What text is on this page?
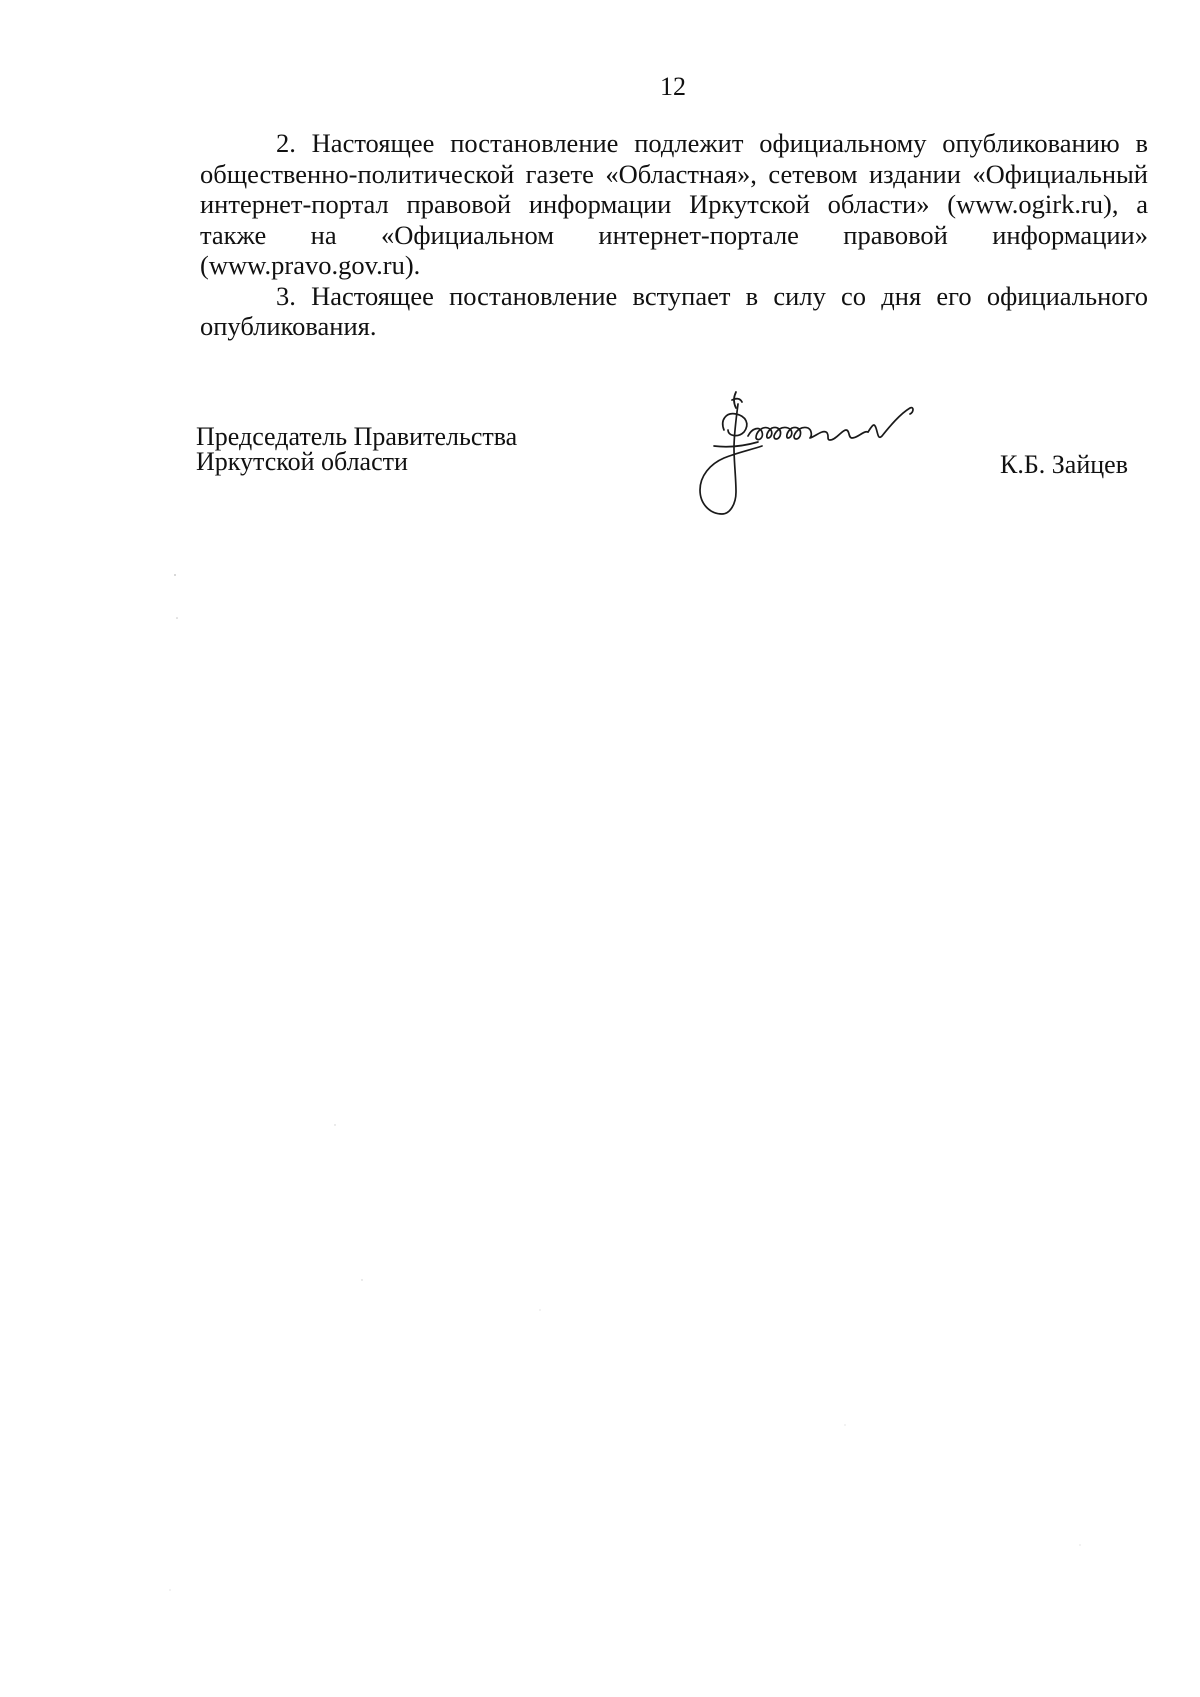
12

2. Настоящее постановление подлежит официальному опубликованию в общественно-политической газете «Областная», сетевом издании «Официальный интернет-портал правовой информации Иркутской области» (www.ogirk.ru), а также на «Официальном интернет-портале правовой информации» (www.pravo.gov.ru).

3. Настоящее постановление вступает в силу со дня его официального опубликования.

Председатель Правительства
Иркутской области	К.Б. Зайцев
